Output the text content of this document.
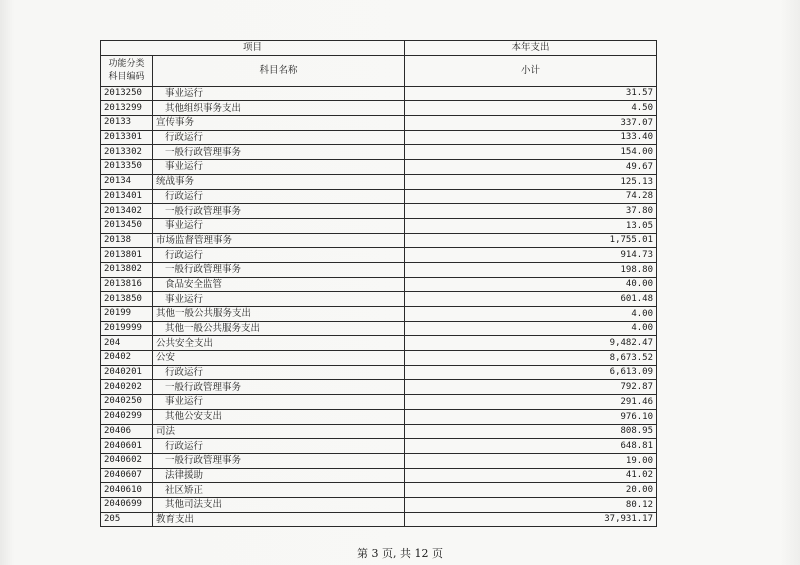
项目		本年支出
功能分类
科目编码	科目名称	小计
2013250	事业运行	31.57
2013299	其他组织事务支出	4.50
20133	宣传事务	337.07
2013301	行政运行	133.40
2013302	一般行政管理事务	154.00
2013350	事业运行	49.67
20134	统战事务	125.13
2013401	行政运行	74.28
2013402	一般行政管理事务	37.80
2013450	事业运行	13.05
20138	市场监督管理事务	1,755.01
2013801	行政运行	914.73
2013802	一般行政管理事务	198.80
2013816	食品安全监管	40.00
2013850	事业运行	601.48
20199	其他一般公共服务支出	4.00
2019999	其他一般公共服务支出	4.00
204	公共安全支出	9,482.47
20402	公安	8,673.52
2040201	行政运行	6,613.09
2040202	一般行政管理事务	792.87
2040250	事业运行	291.46
2040299	其他公安支出	976.10
20406	司法	808.95
2040601	行政运行	648.81
2040602	一般行政管理事务	19.00
2040607	法律援助	41.02
2040610	社区矫正	20.00
2040699	其他司法支出	80.12
205	教育支出	37,931.17
第 3 页, 共 12 页
